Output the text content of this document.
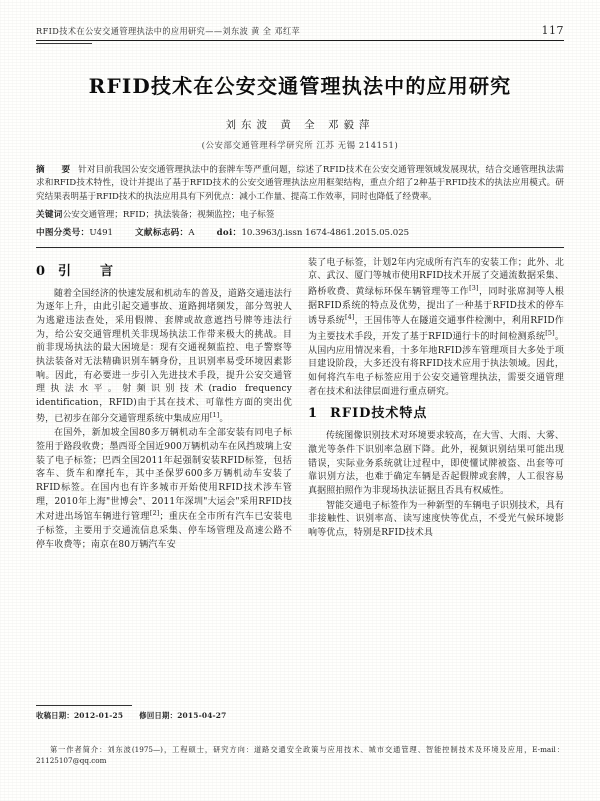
RFID技术在公安交通管理执法中的应用研究——刘东波 黄 全 邓红苹	117
RFID技术在公安交通管理执法中的应用研究
刘东波 黄 全 邓毅萍
(公安部交通管理科学研究所 江苏 无锡 214151)

摘　要 针对目前我国公安交通管理执法中的套牌车等严重问题，综述了RFID技术在公安交通管理领域发展现状，结合交通管理执法需求和RFID技术特性，设计并提出了基于RFID技术的公安交通管理执法应用框架结构，重点介绍了2种基于RFID技术的执法应用模式。研究结果表明基于RFID技术的执法应用具有下列优点：减小工作量、提高工作效率，同时也降低了经费率。

关键词公安交通管理；RFID；执法装备；视频监控；电子标签
中图分类号：U491	文献标志码：A	doi：10.3963/j.issn 1674-4861.2015.05.025
0 引　言

随着全国经济的快速发展和机动车的普及，道路交通违法行为逐年上升，由此引起交通事故、道路拥堵频发，部分驾驶人为逃避违法查处，采用假牌、套牌或故意遮挡号牌等违法行为，给公安交通管理机关非现场执法工作带来极大的挑战。目前非现场执法的最大困境是：现有交通视频监控、电子警察等执法装备对无法精确识别车辆身份，且识别率易受环境因素影响。因此，有必要进一步引入先进技术手段，提升公安交通管理执法水平。射频识别技术(radio frequency identification，RFID)由于其在技术、可靠性方面的突出优势，已初步在部分交通管理系统中集成应用[1]。

在国外，新加坡全国80多万辆机动车全部安装有同电子标签用于路段收费；墨西哥全国近900万辆机动车在风挡玻璃上安装了电子标签；巴西全国2011年起强制安装RFID标签，包括客车、货车和摩托车，其中圣保罗600多万辆机动车安装了RFID标签。在国内也有许多城市开始使用RFID技术涉车管理，2010年上海"世博会"、2011年深圳"大运会"采用RFID技术对进出场馆车辆进行管理[2]；重庆在全市所有汽车已安装电子标签，主要用于交通流信息采集、停车场管理及高速公路不停车收费等；南京在80万辆汽车安

装了电子标签，计划2年内完成所有汽车的安装工作；此外、北京、武汉、厦门等城市使用RFID技术开展了交通流数据采集、路桥收费、黄绿标环保车辆管理等工作[3]，同时张席洞等人根据RFID系统的特点及优势，提出了一种基于RFID技术的停车诱导系统[4]，王国伟等人在隧道交通事件检测中，利用RFID作为主要技术手段，开发了基于RFID通行卡的时间检测系统[5]。从国内应用情况来看，十多年地RFID涉车管理项目大多处于项目建设阶段，大多还没有将RFID技术应用于执法领域。因此，如何将汽车电子标签应用于公安交通管理执法，需要交通管理者在技术和法律层面进行重点研究。

1 RFID技术特点

传统图像识别技术对环境要求较高，在大雪、大雨、大雾、激光等条件下识别率急剧下降。此外，视频识别结果可能出现错误，实际业务系统就让过程中，即使懂试牌被盗、出套等可靠识别方法，也难于确定车辆是否起假牌或套牌，人工很容易真据照拍照作为非现场执法证据且否具有权威性。

智能交通电子标签作为一种新型的车辆电子识别技术，具有非接触性、识别率高、读写速度快等优点，不受光气候环境影响等优点，特别是RFID技术具

收稿日期：2012-01-25 修回日期：2015-04-27
第一作者简介：刘东波(1975—)，工程硕士，研究方向：道路交通安全政策与应用技术、城市交通管理、智能控制技术及环境及应用，E-mail：21125107@qq.com
